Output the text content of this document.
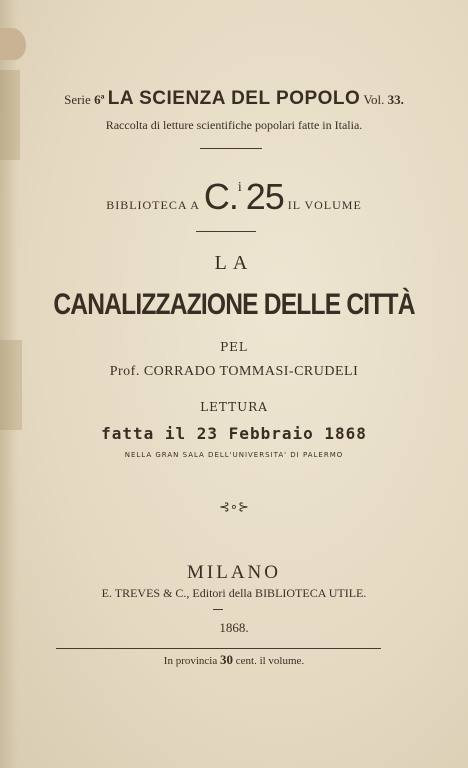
Serie 6ª LA SCIENZA DEL POPOLO Vol. 33.
Raccolta di letture scientifiche popolari fatte in Italia.
BIBLIOTECA A C.i 25 IL VOLUME
LA
CANALIZZAZIONE DELLE CITTÀ
PEL
Prof. CORRADO TOMMASI-CRUDELI
LETTURA
fatta il 23 Febbraio 1868
NELLA GRAN SALA DELL'UNIVERSITA' DI PALERMO
⊰∘⊱
MILANO
E. TREVES & C., Editori della BIBLIOTECA UTILE.
1868.
In provincia 30 cent. il volume.
